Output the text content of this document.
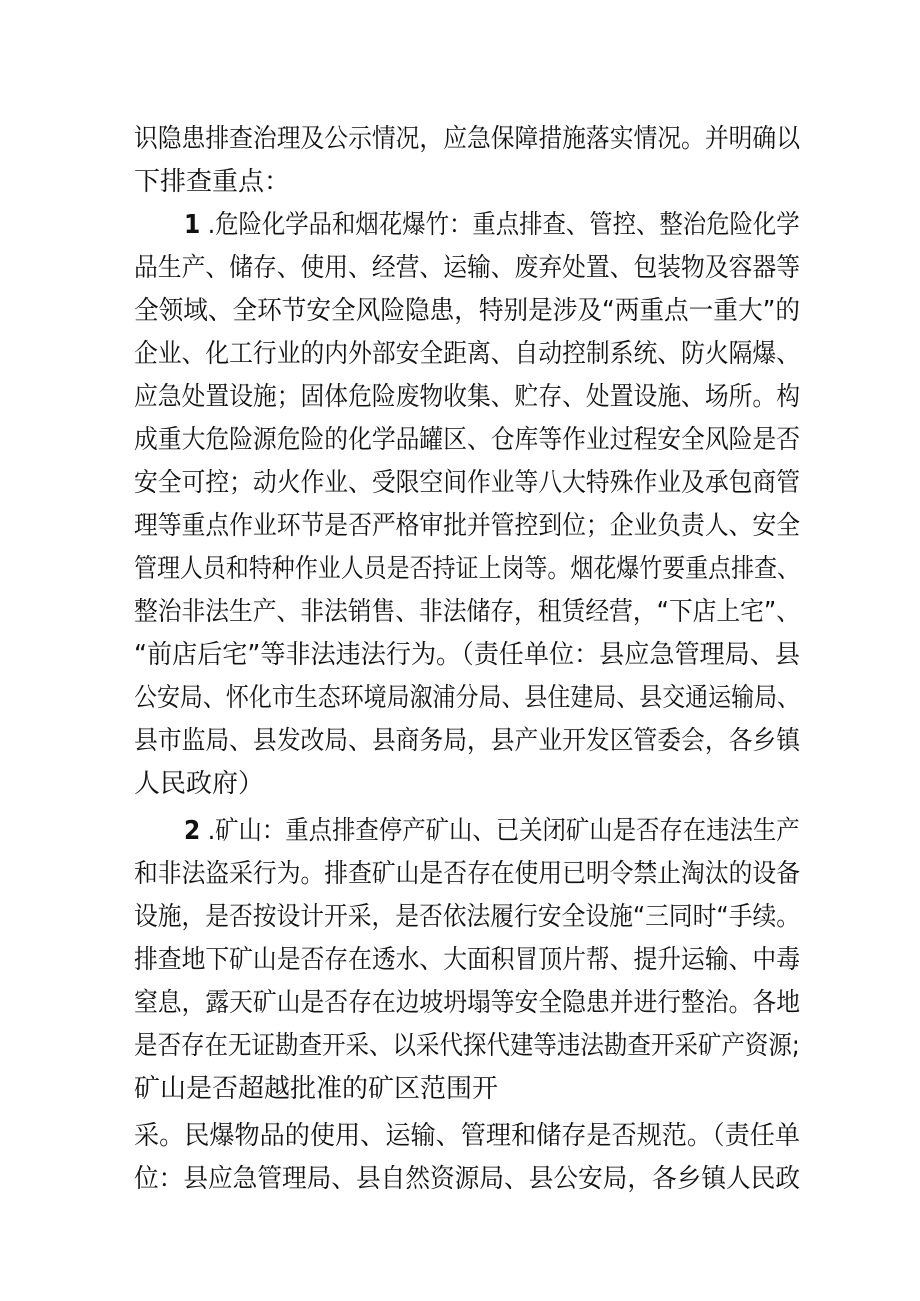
识隐患排查治理及公示情况，应急保障措施落实情况。并明确以
下排查重点：
1 .危险化学品和烟花爆竹：重点排查、管控、整治危险化学
品生产、储存、使用、经营、运输、废弃处置、包装物及容器等
全领域、全环节安全风险隐患，特别是涉及“两重点一重大”的
企业、化工行业的内外部安全距离、自动控制系统、防火隔爆、
应急处置设施；固体危险废物收集、贮存、处置设施、场所。构
成重大危险源危险的化学品罐区、仓库等作业过程安全风险是否
安全可控；动火作业、受限空间作业等八大特殊作业及承包商管
理等重点作业环节是否严格审批并管控到位；企业负责人、安全
管理人员和特种作业人员是否持证上岗等。烟花爆竹要重点排查、
整治非法生产、非法销售、非法储存，租赁经营，“下店上宅”、
“前店后宅”等非法违法行为。（责任单位：县应急管理局、县
公安局、怀化市生态环境局溆浦分局、县住建局、县交通运输局、
县市监局、县发改局、县商务局，县产业开发区管委会，各乡镇
人民政府）
2 .矿山：重点排查停产矿山、已关闭矿山是否存在违法生产
和非法盗采行为。排查矿山是否存在使用已明令禁止淘汰的设备
设施，是否按设计开采，是否依法履行安全设施“三同时“手续。
排查地下矿山是否存在透水、大面积冒顶片帮、提升运输、中毒
窒息，露天矿山是否存在边坡坍塌等安全隐患并进行整治。各地
是否存在无证勘查开采、以采代探代建等违法勘查开采矿产资源;
矿山是否超越批准的矿区范围开
采。民爆物品的使用、运输、管理和储存是否规范。（责任单
位：县应急管理局、县自然资源局、县公安局，各乡镇人民政
